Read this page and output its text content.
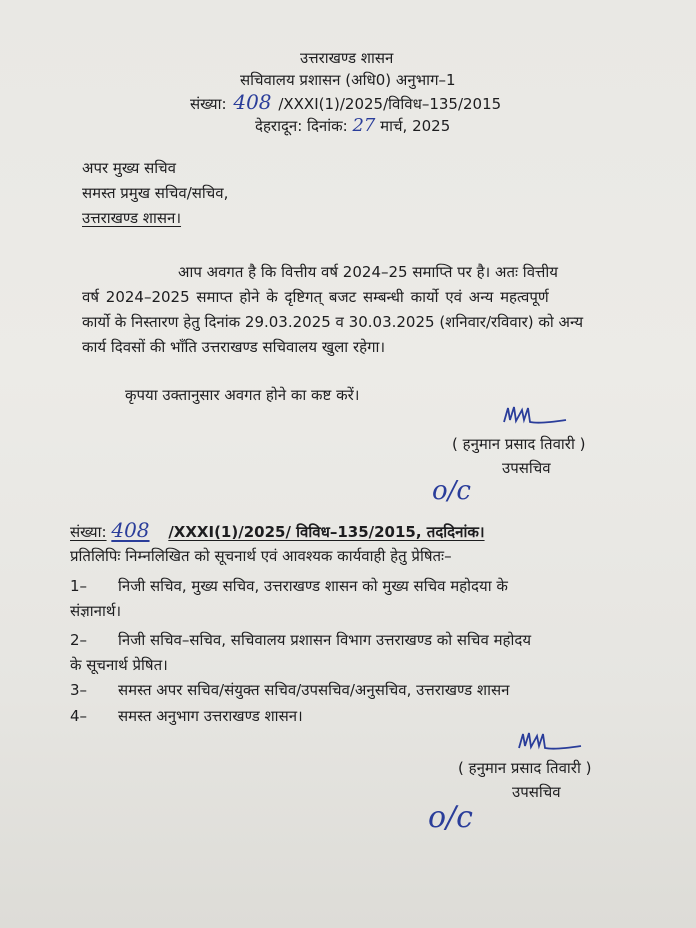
उत्तराखण्ड शासन
सचिवालय प्रशासन (अधि0) अनुभाग–1
संख्या: 408 /XXXI(1)/2025/विविध–135/2015
देहरादून: दिनांक: 27 मार्च, 2025
अपर मुख्य सचिव
समस्त प्रमुख सचिव/सचिव,
उत्तराखण्ड शासन।
आप अवगत है कि वित्तीय वर्ष 2024–25 समाप्ति पर है। अतः वित्तीय
वर्ष 2024–2025 समाप्त होने के दृष्टिगत् बजट सम्बन्धी कार्यो एवं अन्य महत्वपूर्ण
कार्यो के निस्तारण हेतु दिनांक 29.03.2025 व 30.03.2025 (शनिवार/रविवार) को अन्य
कार्य दिवसों की भाँति उत्तराखण्ड सचिवालय खुला रहेगा।
कृपया उक्तानुसार अवगत होने का कष्ट करें।
( हनुमान प्रसाद तिवारी )
उपसचिव
o/c
संख्या: 408 /XXXI(1)/2025/ विविध–135/2015, तददिनांक।
प्रतिलिपिः निम्नलिखित को सूचनार्थ एवं आवश्यक कार्यवाही हेतु प्रेषितः–
1– निजी सचिव, मुख्य सचिव, उत्तराखण्ड शासन को मुख्य सचिव महोदया के
संज्ञानार्थ।
2– निजी सचिव–सचिव, सचिवालय प्रशासन विभाग उत्तराखण्ड को सचिव महोदय
के सूचनार्थ प्रेषित।
3– समस्त अपर सचिव/संयुक्त सचिव/उपसचिव/अनुसचिव, उत्तराखण्ड शासन
4– समस्त अनुभाग उत्तराखण्ड शासन।
( हनुमान प्रसाद तिवारी )
उपसचिव
o/c
